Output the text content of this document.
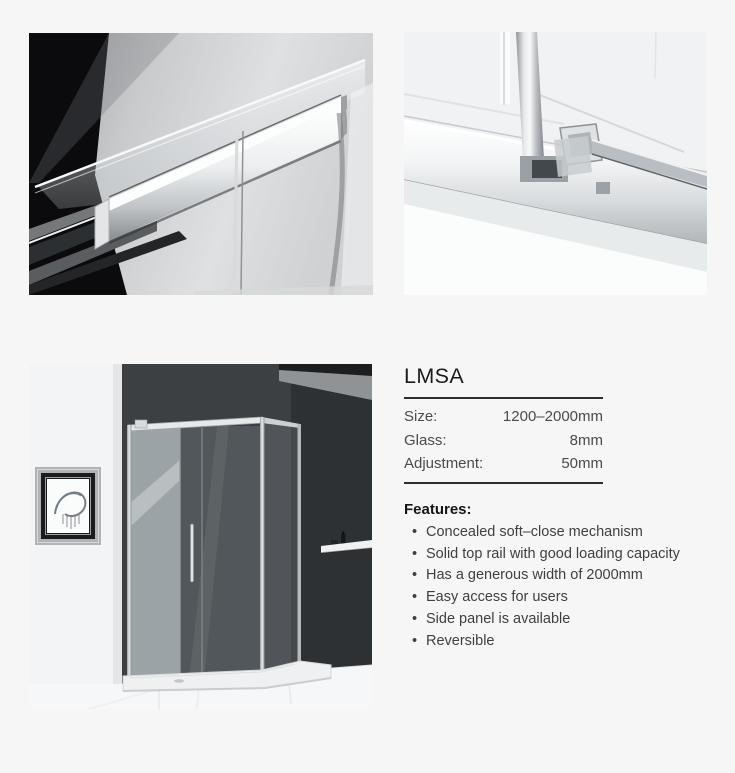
LMSA
Size:	1200–2000mm
Glass:	8mm
Adjustment:	50mm
Features:
• Concealed soft–close mechanism
• Solid top rail with good loading capacity
• Has a generous width of 2000mm
• Easy access for users
• Side panel is available
• Reversible
